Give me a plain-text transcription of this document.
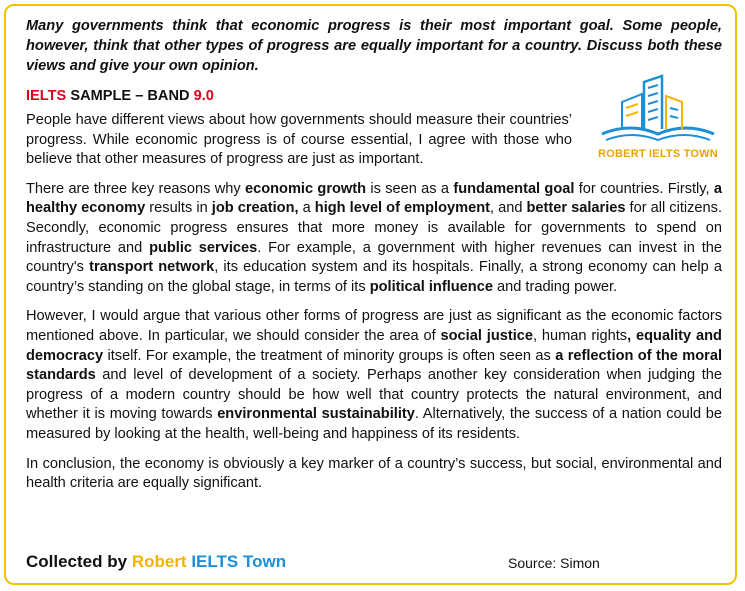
Many governments think that economic progress is their most important goal. Some people, however, think that other types of progress are equally important for a country. Discuss both these views and give your own opinion.

IELTS SAMPLE – BAND 9.0

People have different views about how governments should measure their countries’ progress. While economic progress is of course essential, I agree with those who believe that other measures of progress are just as important.

There are three key reasons why economic growth is seen as a fundamental goal for countries. Firstly, a healthy economy results in job creation, a high level of employment, and better salaries for all citizens. Secondly, economic progress ensures that more money is available for governments to spend on infrastructure and public services. For example, a government with higher revenues can invest in the country's transport network, its education system and its hospitals. Finally, a strong economy can help a country’s standing on the global stage, in terms of its political influence and trading power.

However, I would argue that various other forms of progress are just as significant as the economic factors mentioned above. In particular, we should consider the area of social justice, human rights, equality and democracy itself. For example, the treatment of minority groups is often seen as a reflection of the moral standards and level of development of a society. Perhaps another key consideration when judging the progress of a modern country should be how well that country protects the natural environment, and whether it is moving towards environmental sustainability. Alternatively, the success of a nation could be measured by looking at the health, well-being and happiness of its residents.

In conclusion, the economy is obviously a key marker of a country’s success, but social, environmental and health criteria are equally significant.

ROBERT IELTS TOWN
Collected by Robert IELTS Town	Source: Simon
